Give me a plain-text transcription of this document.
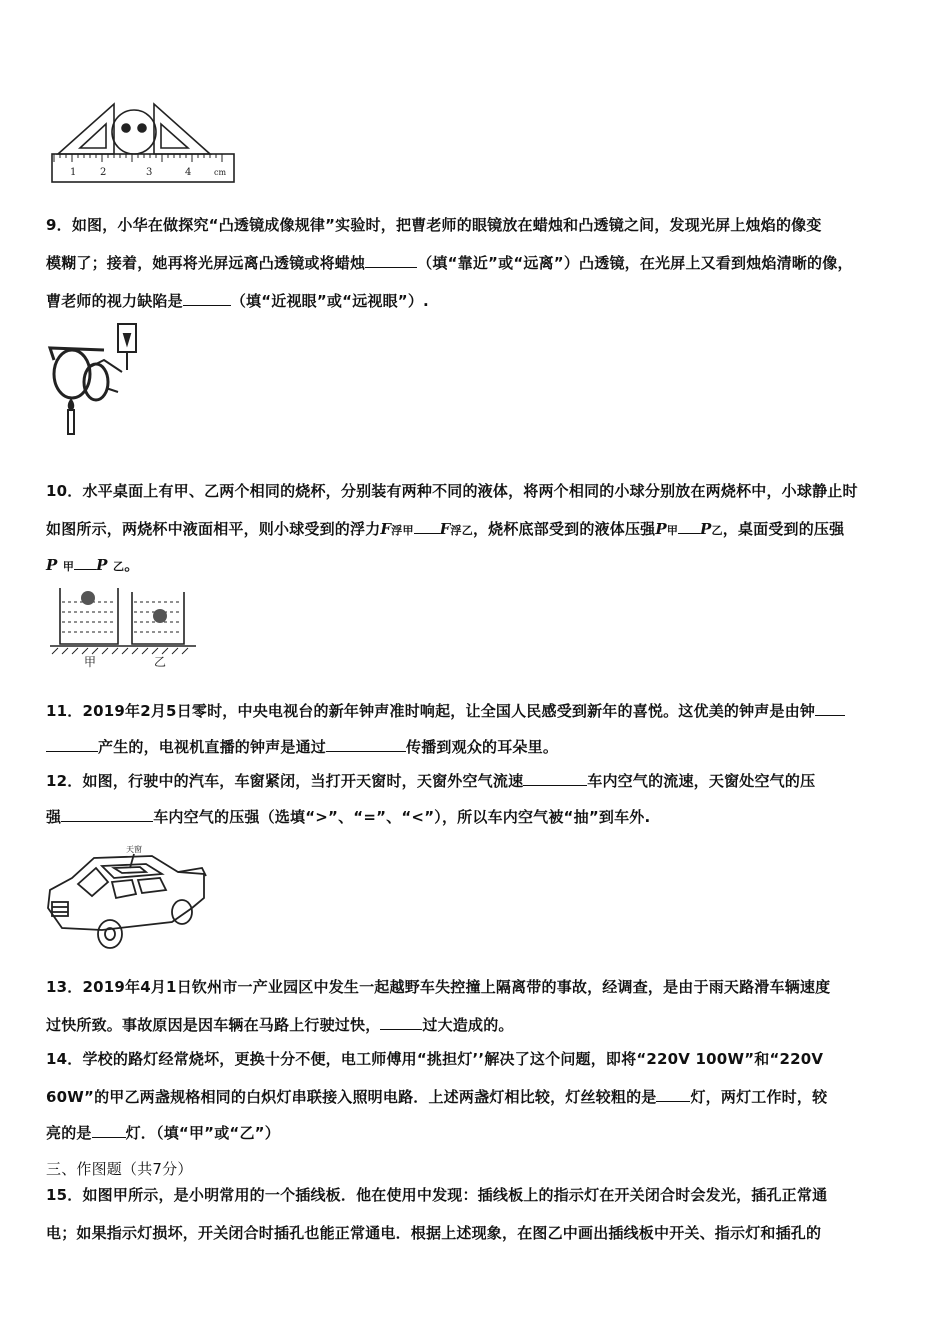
1 2	3	4	cm
9．如图，小华在做探究“凸透镜成像规律”实验时，把曹老师的眼镜放在蜡烛和凸透镜之间，发现光屏上烛焰的像变
模糊了；接着，她再将光屏远离凸透镜或将蜡烛	（填“靠近”或“远离”）凸透镜，在光屏上又看到烛焰清晰的像，
曹老师的视力缺陷是	（填“近视眼”或“远视眼”）.
10．水平桌面上有甲、乙两个相同的烧杯，分别装有两种不同的液体，将两个相同的小球分别放在两烧杯中，小球静止时
如图所示，两烧杯中液面相平，则小球受到的浮力F浮甲 F浮乙，烧杯底部受到的液体压强P甲 P乙，桌面受到的压强
P 甲 P 乙。
甲	乙
11．2019年2月5日零时，中央电视台的新年钟声准时响起，让全国人民感受到新年的喜悦。这优美的钟声是由钟
产生的，电视机直播的钟声是通过	传播到观众的耳朵里。
12．如图，行驶中的汽车，车窗紧闭，当打开天窗时，天窗外空气流速	车内空气的流速，天窗处空气的压
强	车内空气的压强（选填“>”、“=”、“<”），所以车内空气被“抽”到车外.
天窗
13．2019年4月1日钦州市一产业园区中发生一起越野车失控撞上隔离带的事故，经调查，是由于雨天路滑车辆速度
过快所致。事故原因是因车辆在马路上行驶过快，	过大造成的。
14．学校的路灯经常烧坏，更换十分不便，电工师傅用“挑担灯’’解决了这个问题，即将“220V 100W”和“220V
60W”的甲乙两盏规格相同的白炽灯串联接入照明电路．上述两盏灯相比较，灯丝较粗的是 灯，两灯工作时，较
亮的是 灯．（填“甲”或“乙”）
三、作图题（共7分）
15．如图甲所示，是小明常用的一个插线板．他在使用中发现：插线板上的指示灯在开关闭合时会发光，插孔正常通
电；如果指示灯损坏，开关闭合时插孔也能正常通电．根据上述现象，在图乙中画出插线板中开关、指示灯和插孔的
